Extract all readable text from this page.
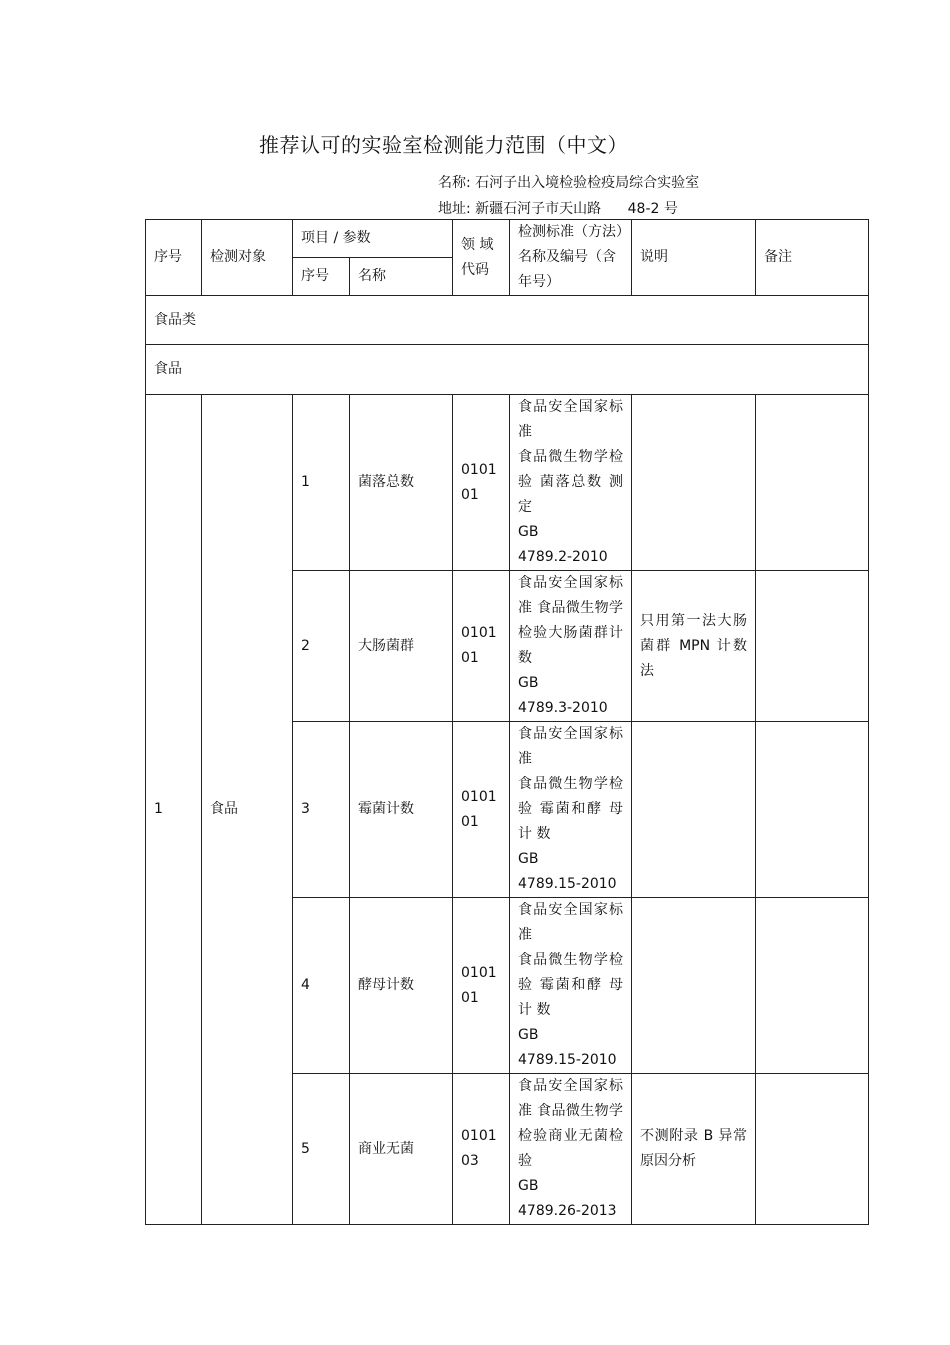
推荐认可的实验室检测能力范围（中文）
名称: 石河子出入境检验检疫局综合实验室
地址: 新疆石河子市天山路 48-2 号
序号	检测对象	项目 / 参数		领 域 代码	检测标准（方法）名称及编号（含年号）	说明	备注
		序号	名称				
食品类							
食品							
1	食品	1	菌落总数	0101 01	食品安全国家标准
食品微生物学检验 菌落总数 测 定
GB
4789.2-2010		

		2	大肠菌群	0101 01	食品安全国家标准 食品微生物学检验大肠菌群计数
GB
4789.3-2010	只用第一法大肠菌群 MPN 计数法	
		3	霉菌计数	0101 01	食品安全国家标准
食品微生物学检验 霉菌和酵 母 计 数
GB
4789.15-2010		

		4	酵母计数	0101 01	食品安全国家标准
食品微生物学检验 霉菌和酵 母 计 数
GB
4789.15-2010		

		5	商业无菌	0101 03	食品安全国家标准 食品微生物学检验商业无菌检验
GB
4789.26-2013	不测附录 B 异常原因分析	
